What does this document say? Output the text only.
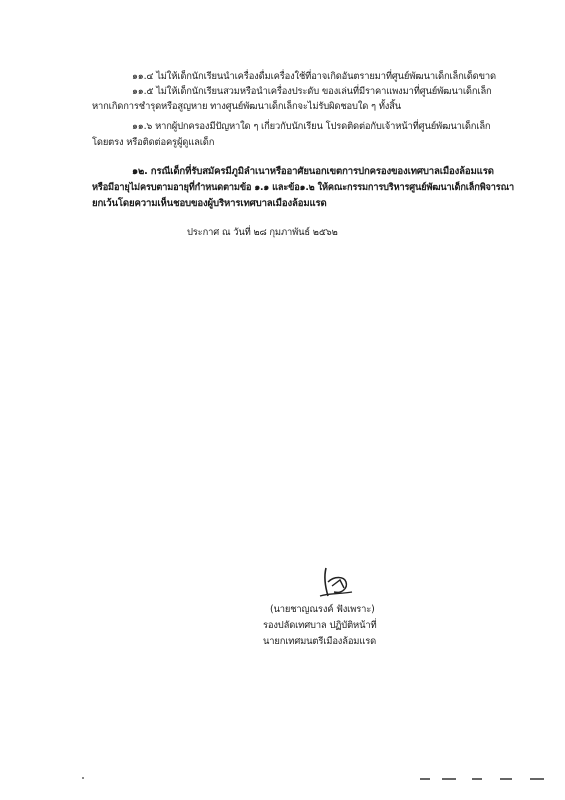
๑๑.๔ ไม่ให้เด็กนักเรียนนำเครื่องดื่มเครื่องใช้ที่อาจเกิดอันตรายมาที่ศูนย์พัฒนาเด็กเล็กเด็ดขาด
๑๑.๕ ไม่ให้เด็กนักเรียนสวมหรือนำเครื่องประดับ ของเล่นที่มีราคาแพงมาที่ศูนย์พัฒนาเด็กเล็ก
หากเกิดการชำรุดหรือสูญหาย ทางศูนย์พัฒนาเด็กเล็กจะไม่รับผิดชอบใด ๆ ทั้งสิ้น
๑๑.๖ หากผู้ปกครองมีปัญหาใด ๆ เกี่ยวกับนักเรียน โปรดติดต่อกับเจ้าหน้าที่ศูนย์พัฒนาเด็กเล็ก
โดยตรง หรือติดต่อครูผู้ดูแลเด็ก
๑๒. กรณีเด็กที่รับสมัครมีภูมิลำเนาหรืออาศัยนอกเขตการปกครองของเทศบาลเมืองล้อมแรด
หรือมีอายุไม่ครบตามอายุที่กำหนดตามข้อ ๑.๑ และข้อ๑.๒ ให้คณะกรรมการบริหารศูนย์พัฒนาเด็กเล็กพิจารณา
ยกเว้นโดยความเห็นชอบของผู้บริหารเทศบาลเมืองล้อมแรด
ประกาศ ณ วันที่ ๒๘ กุมภาพันธ์ ๒๕๖๒
(นายชาญณรงค์ ฟังเพราะ)
รองปลัดเทศบาล ปฏิบัติหน้าที่
นายกเทศมนตรีเมืองล้อมแรด
